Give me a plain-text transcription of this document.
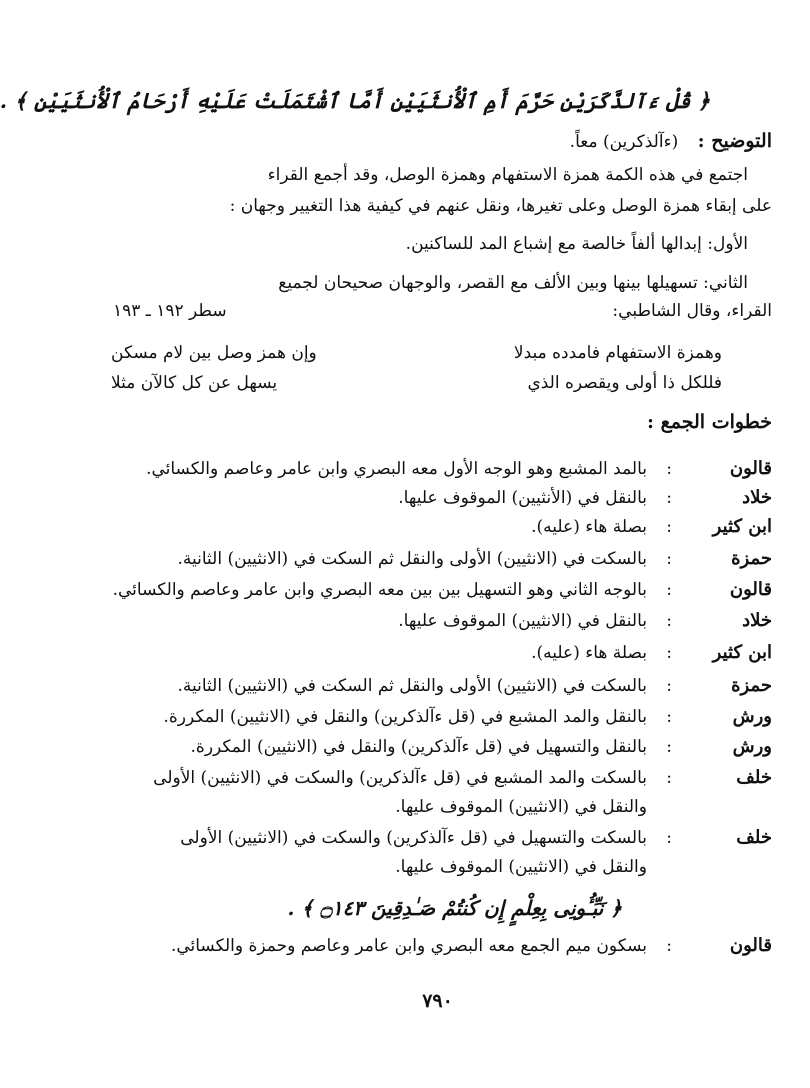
﴿ قُلْ ءَآلذَّكَرَيْنِ حَرَّمَ أَمِ ٱلْأُنثَيَيْنِ أَمَّا ٱشْتَمَلَتْ عَلَيْهِ أَرْحَامُ ٱلْأُنثَيَيْنِ ﴾ .
التوضيح : (ءآلذكرين) معاً.
اجتمع في هذه الكمة همزة الاستفهام وهمزة الوصل، وقد أجمع القراء
على إبقاء همزة الوصل وعلى تغيرها، ونقل عنهم في كيفية هذا التغيير وجهان :
الأول: إبدالها ألفاً خالصة مع إشباع المد للساكنين.
الثاني: تسهيلها بينها وبين الألف مع القصر، والوجهان صحيحان لجميع
القراء، وقال الشاطبي:
سطر ١٩٢ ـ ١٩٣
وهمزة الاستفهام فامدده مبدلا
وإن همز وصل بين لام مسكن
فللكل ذا أولى ويقصره الذي
يسهل عن كل كالآن مثلا
خطوات الجمع :
قالون
:
بالمد المشبع وهو الوجه الأول معه البصري وابن عامر وعاصم والكسائي.
خلاد
:
بالنقل في (الأنثيين) الموقوف عليها.
ابن كثير
:
بصلة هاء (عليه).
حمزة
:
بالسكت في (الانثيين) الأولى والنقل ثم السكت في (الانثيين) الثانية.
قالون
:
بالوجه الثاني وهو التسهيل بين بين معه البصري وابن عامر وعاصم والكسائي.
خلاد
:
بالنقل في (الانثيين) الموقوف عليها.
ابن كثير
:
بصلة هاء (عليه).
حمزة
:
بالسكت في (الانثيين) الأولى والنقل ثم السكت في (الانثيين) الثانية.
ورش
:
بالنقل والمد المشبع في (قل ءآلذكرين) والنقل في (الانثيين) المكررة.
ورش
:
بالنقل والتسهيل في (قل ءآلذكرين) والنقل في (الانثيين) المكررة.
خلف
:
بالسكت والمد المشبع في (قل ءآلذكرين) والسكت في (الانثيين) الأولى
والنقل في (الانثيين) الموقوف عليها.
خلف
:
بالسكت والتسهيل في (قل ءآلذكرين) والسكت في (الانثيين) الأولى
والنقل في (الانثيين) الموقوف عليها.
﴿ نَبِّـُٔونِى بِعِلْمٍ إِن كُنتُمْ صَـٰدِقِينَ ۝١٤٣ ﴾ .
قالون
:
بسكون ميم الجمع معه البصري وابن عامر وعاصم وحمزة والكسائي.
٧٩٠
